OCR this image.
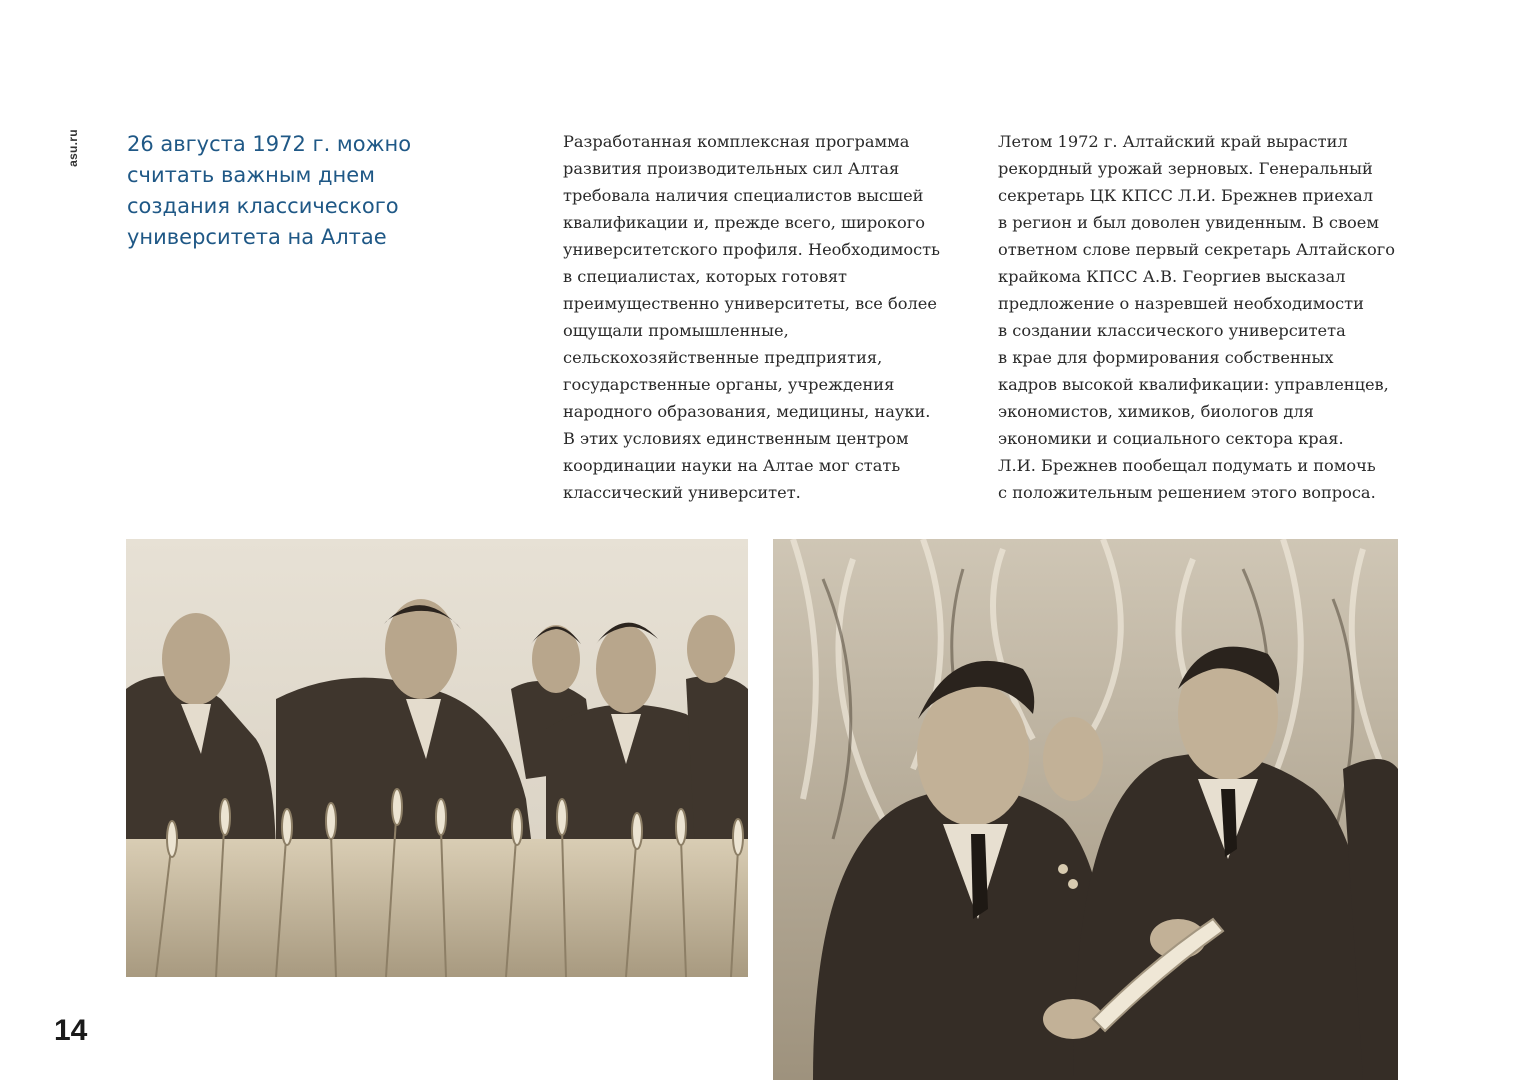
asu.ru 26 августа 1972 г. можно
считать важным днем
создания классического
университета на Алтае

Разработанная комплексная программа
развития производительных сил Алтая
требовала наличия специалистов высшей
квалификации и, прежде всего, широкого
университетского профиля. Необходимость
в специалистах, которых готовят
преимущественно университеты, все более
ощущали промышленные,
сельскохозяйственные предприятия,
государственные органы, учреждения
народного образования, медицины, науки.
В этих условиях единственным центром
координации науки на Алтае мог стать
классический университет.

Летом 1972 г. Алтайский край вырастил
рекордный урожай зерновых. Генеральный
секретарь ЦК КПСС Л.И. Брежнев приехал
в регион и был доволен увиденным. В своем
ответном слове первый секретарь Алтайского
крайкома КПСС А.В. Георгиев высказал
предложение о назревшей необходимости
в создании классического университета
в крае для формирования собственных
кадров высокой квалификации: управленцев,
экономистов, химиков, биологов для
экономики и социального сектора края.
Л.И. Брежнев пообещал подумать и помочь
с положительным решением этого вопроса.

14
